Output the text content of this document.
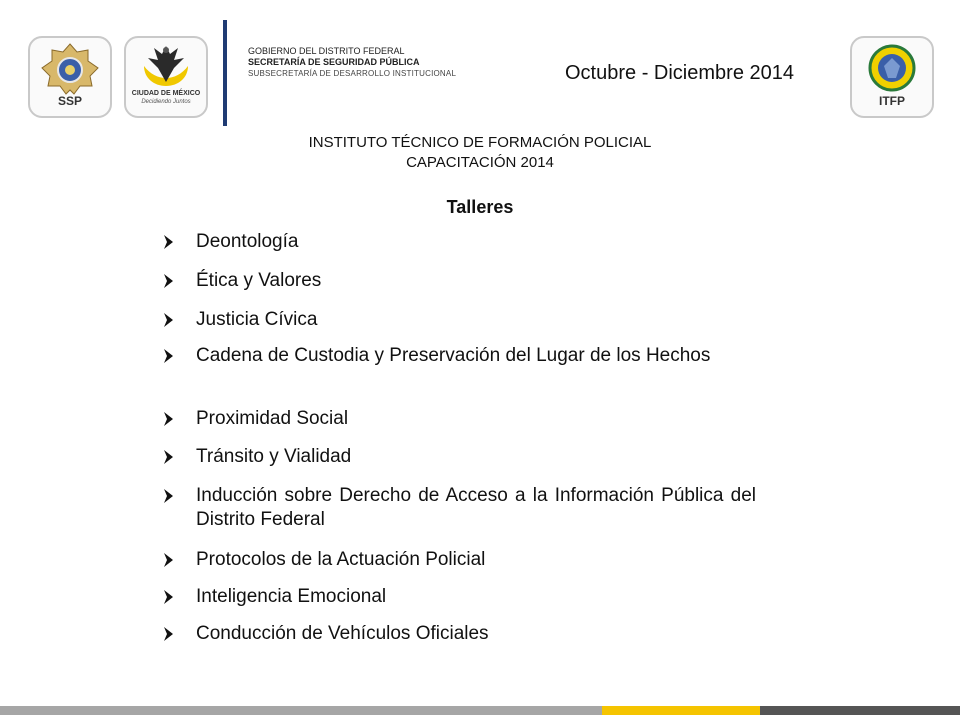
SSP
CIUDAD DE MÉXICO
Decidiendo Juntos
GOBIERNO DEL DISTRITO FEDERAL
SECRETARÍA DE SEGURIDAD PÚBLICA
SUBSECRETARÍA DE DESARROLLO INSTITUCIONAL	Octubre - Diciembre 2014
ITFP
INSTITUTO TÉCNICO DE FORMACIÓN POLICIAL
CAPACITACIÓN 2014
Talleres
Deontología
Ética y Valores
Justicia Cívica
Cadena de Custodia y Preservación del Lugar de los Hechos
Proximidad Social
Tránsito y Vialidad
Inducción sobre Derecho de Acceso a la Información Pública del Distrito Federal
Protocolos de la Actuación Policial
Inteligencia Emocional
Conducción de Vehículos Oficiales
